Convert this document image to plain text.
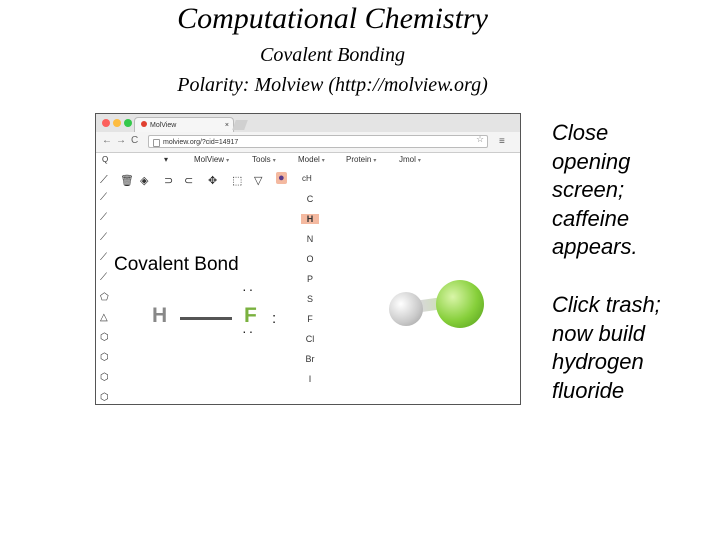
Computational Chemistry
Covalent Bonding
Polarity: Molview (http://molview.org)
MolView	×
← → C	molview.org/?cid=14917	☆ ≡
Q	▾	MolView ▾	Tools ▾	Model ▾	Protein ▾	Jmol ▾
⟋ 🗑 ◈ ⊃ ⊂ ✥ ⬚ ▽ ● cH
⟋
⟋
⟋
⟋
⟋
⬠
△
⬡
⬡
⬡
⬡
C
H
N
O
P
S
F
Cl
Br
I
Covalent Bond
H	F
··
··
:
Close
opening
screen;
caffeine
appears.
Click trash;
now build
hydrogen
fluoride
